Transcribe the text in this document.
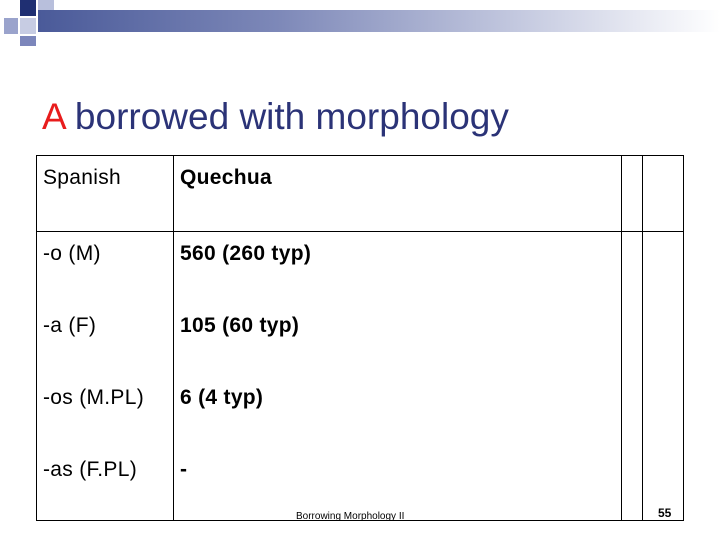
A borrowed with morphology
Spanish	Quechua		
-o (M)	560 (260 typ)		
-a (F)	105 (60 typ)		
-os (M.PL)	6 (4 typ)		
-as (F.PL)	-		
Borrowing Morphology II	55
